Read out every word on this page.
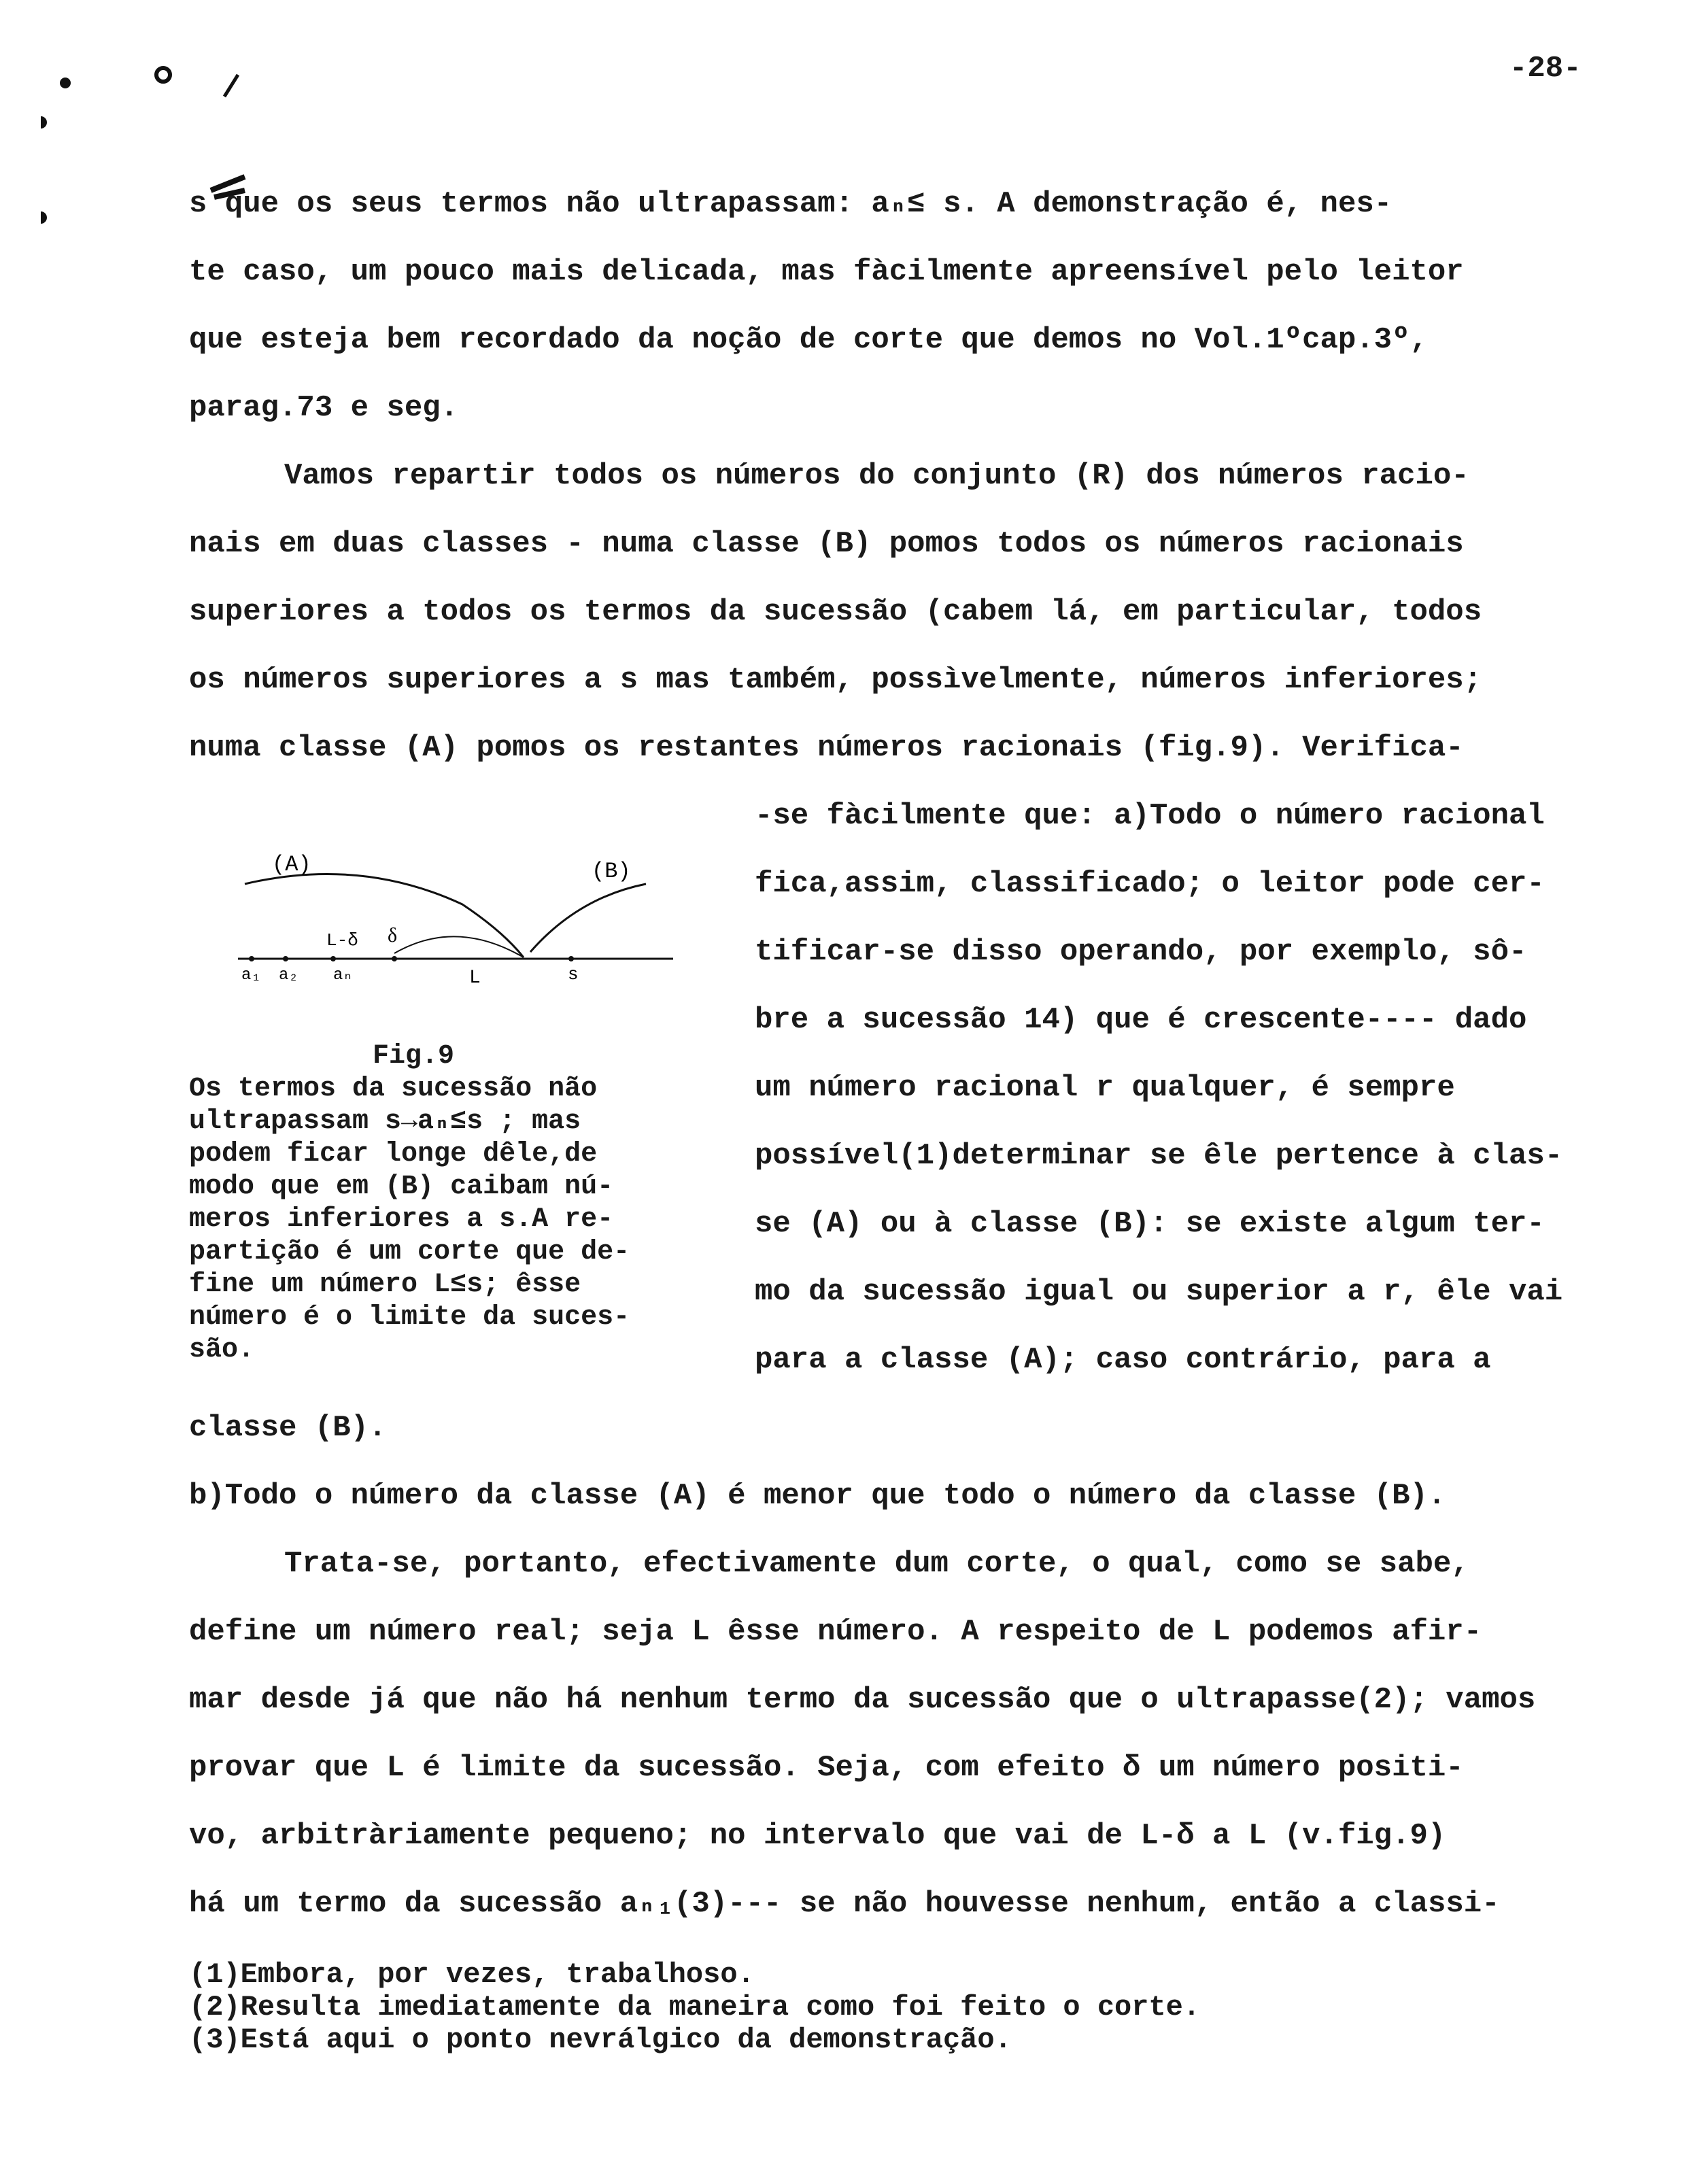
-28-
s que os seus termos não ultrapassam: aₙ≤ s. A demonstração é, nes-
te caso, um pouco mais delicada, mas fàcilmente apreensível pelo leitor
que esteja bem recordado da noção de corte que demos no Vol.1ºcap.3º,
parag.73 e seg.
Vamos repartir todos os números do conjunto (R) dos números racio-
nais em duas classes - numa classe (B) pomos todos os números racionais
superiores a todos os termos da sucessão (cabem lá, em particular, todos
os números superiores a s mas também, possìvelmente, números inferiores;
numa classe (A) pomos os restantes números racionais (fig.9). Verifica-
-se fàcilmente que: a)Todo o número racional
fica,assim, classificado; o leitor pode cer-
tificar-se disso operando, por exemplo, sô-
bre a sucessão 14) que é crescente---- dado
um número racional r qualquer, é sempre
possível(1)determinar se êle pertence à clas-
se (A) ou à classe (B): se existe algum ter-
mo da sucessão igual ou superior a r, êle vai
para a classe (A); caso contrário, para a
(A)	(B)
L-δ δ
a₁ a₂ aₙ	L	s
Fig.9
Os termos da sucessão não
ultrapassam s→aₙ≤s ; mas
podem ficar longe dêle,de
modo que em (B) caibam nú-
meros inferiores a s.A re-
partição é um corte que de-
fine um número L≤s; êsse
número é o limite da suces-
são.
classe (B).
b)Todo o número da classe (A) é menor que todo o número da classe (B).
Trata-se, portanto, efectivamente dum corte, o qual, como se sabe,
define um número real; seja L êsse número. A respeito de L podemos afir-
mar desde já que não há nenhum termo da sucessão que o ultrapasse(2); vamos
provar que L é limite da sucessão. Seja, com efeito δ um número positi-
vo, arbitràriamente pequeno; no intervalo que vai de L-δ a L (v.fig.9)
há um termo da sucessão aₙ₁(3)--- se não houvesse nenhum, então a classi-
(1)Embora, por vezes, trabalhoso.
(2)Resulta imediatamente da maneira como foi feito o corte.
(3)Está aqui o ponto nevrálgico da demonstração.
